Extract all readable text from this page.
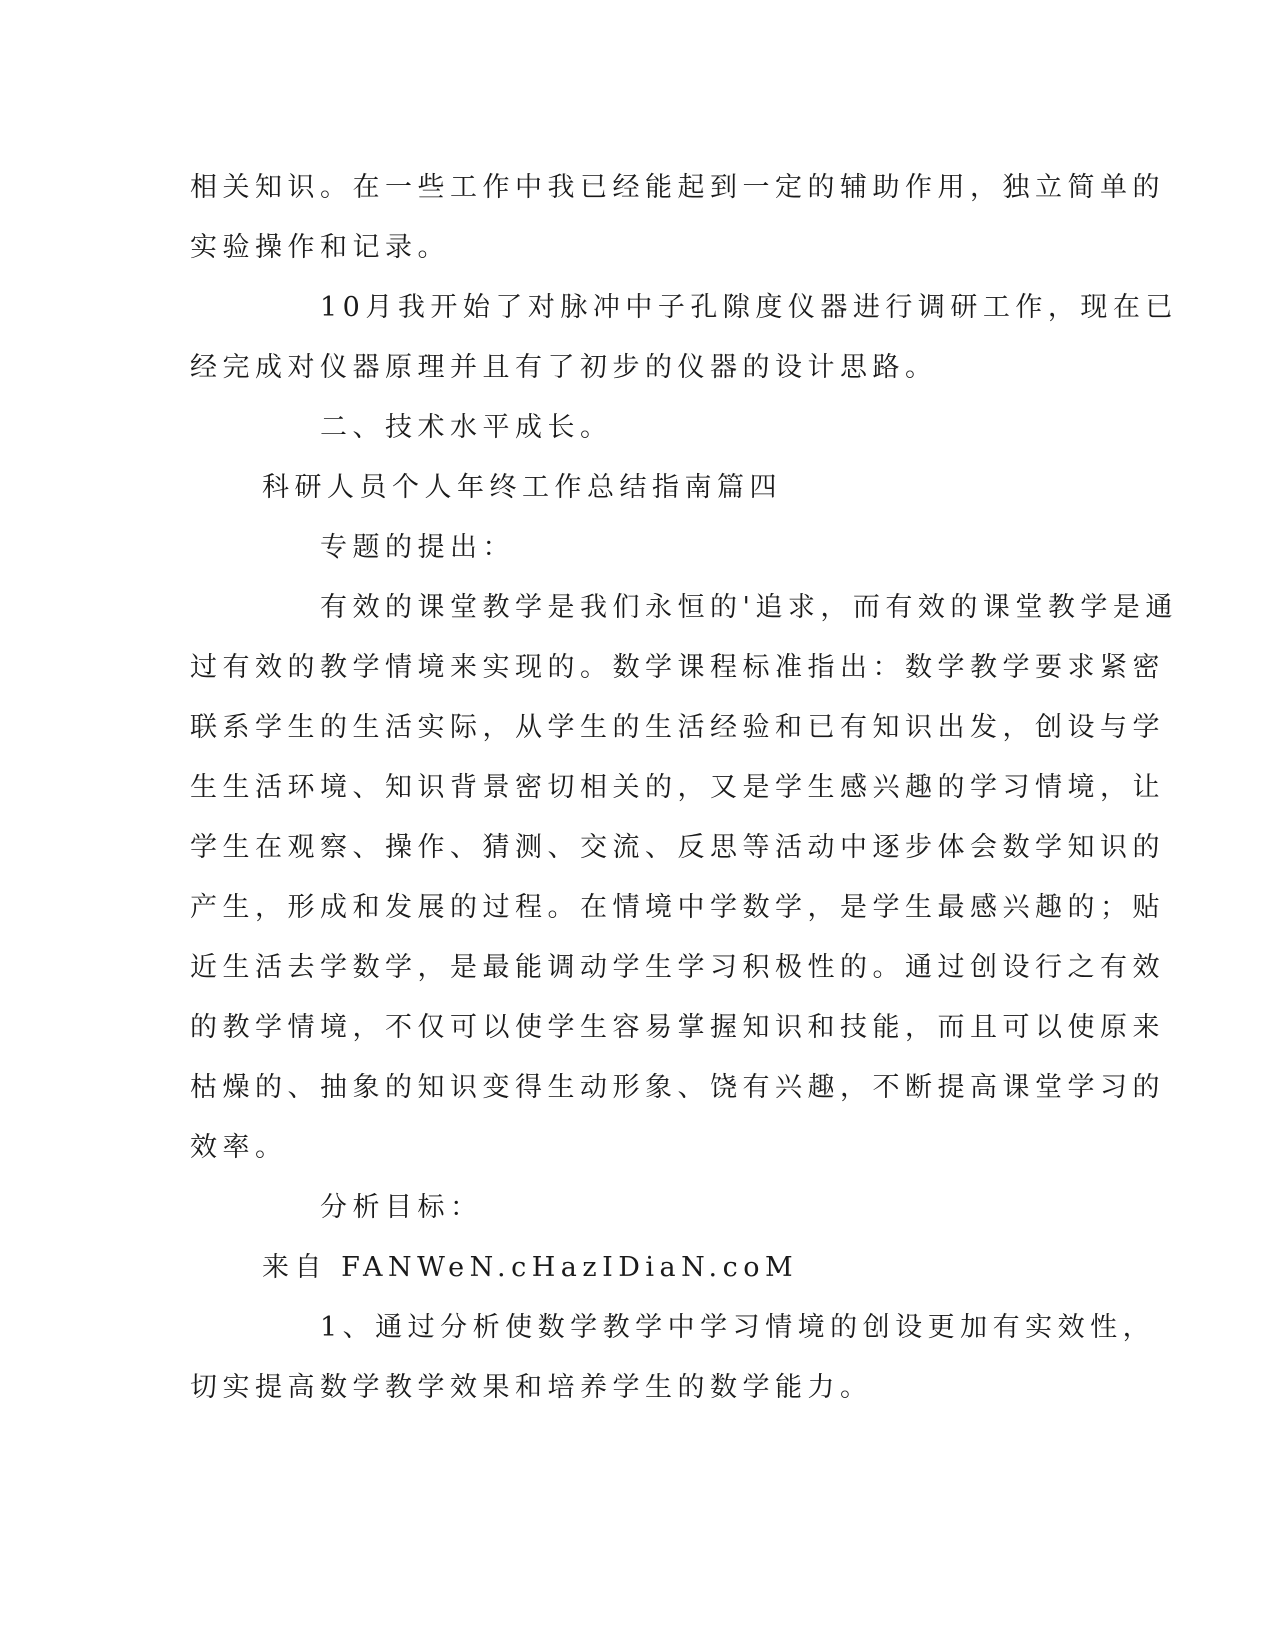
相关知识。在一些工作中我已经能起到一定的辅助作用，独立简单的
实验操作和记录。
10月我开始了对脉冲中子孔隙度仪器进行调研工作，现在已
经完成对仪器原理并且有了初步的仪器的设计思路。
二、技术水平成长。
科研人员个人年终工作总结指南篇四
专题的提出：
有效的课堂教学是我们永恒的'追求，而有效的课堂教学是通
过有效的教学情境来实现的。数学课程标准指出：数学教学要求紧密
联系学生的生活实际，从学生的生活经验和已有知识出发，创设与学
生生活环境、知识背景密切相关的，又是学生感兴趣的学习情境，让
学生在观察、操作、猜测、交流、反思等活动中逐步体会数学知识的
产生，形成和发展的过程。在情境中学数学，是学生最感兴趣的；贴
近生活去学数学，是最能调动学生学习积极性的。通过创设行之有效
的教学情境，不仅可以使学生容易掌握知识和技能，而且可以使原来
枯燥的、抽象的知识变得生动形象、饶有兴趣，不断提高课堂学习的
效率。
分析目标：
来自 FANWeN.cHazIDiaN.coM
1、通过分析使数学教学中学习情境的创设更加有实效性，
切实提高数学教学效果和培养学生的数学能力。
